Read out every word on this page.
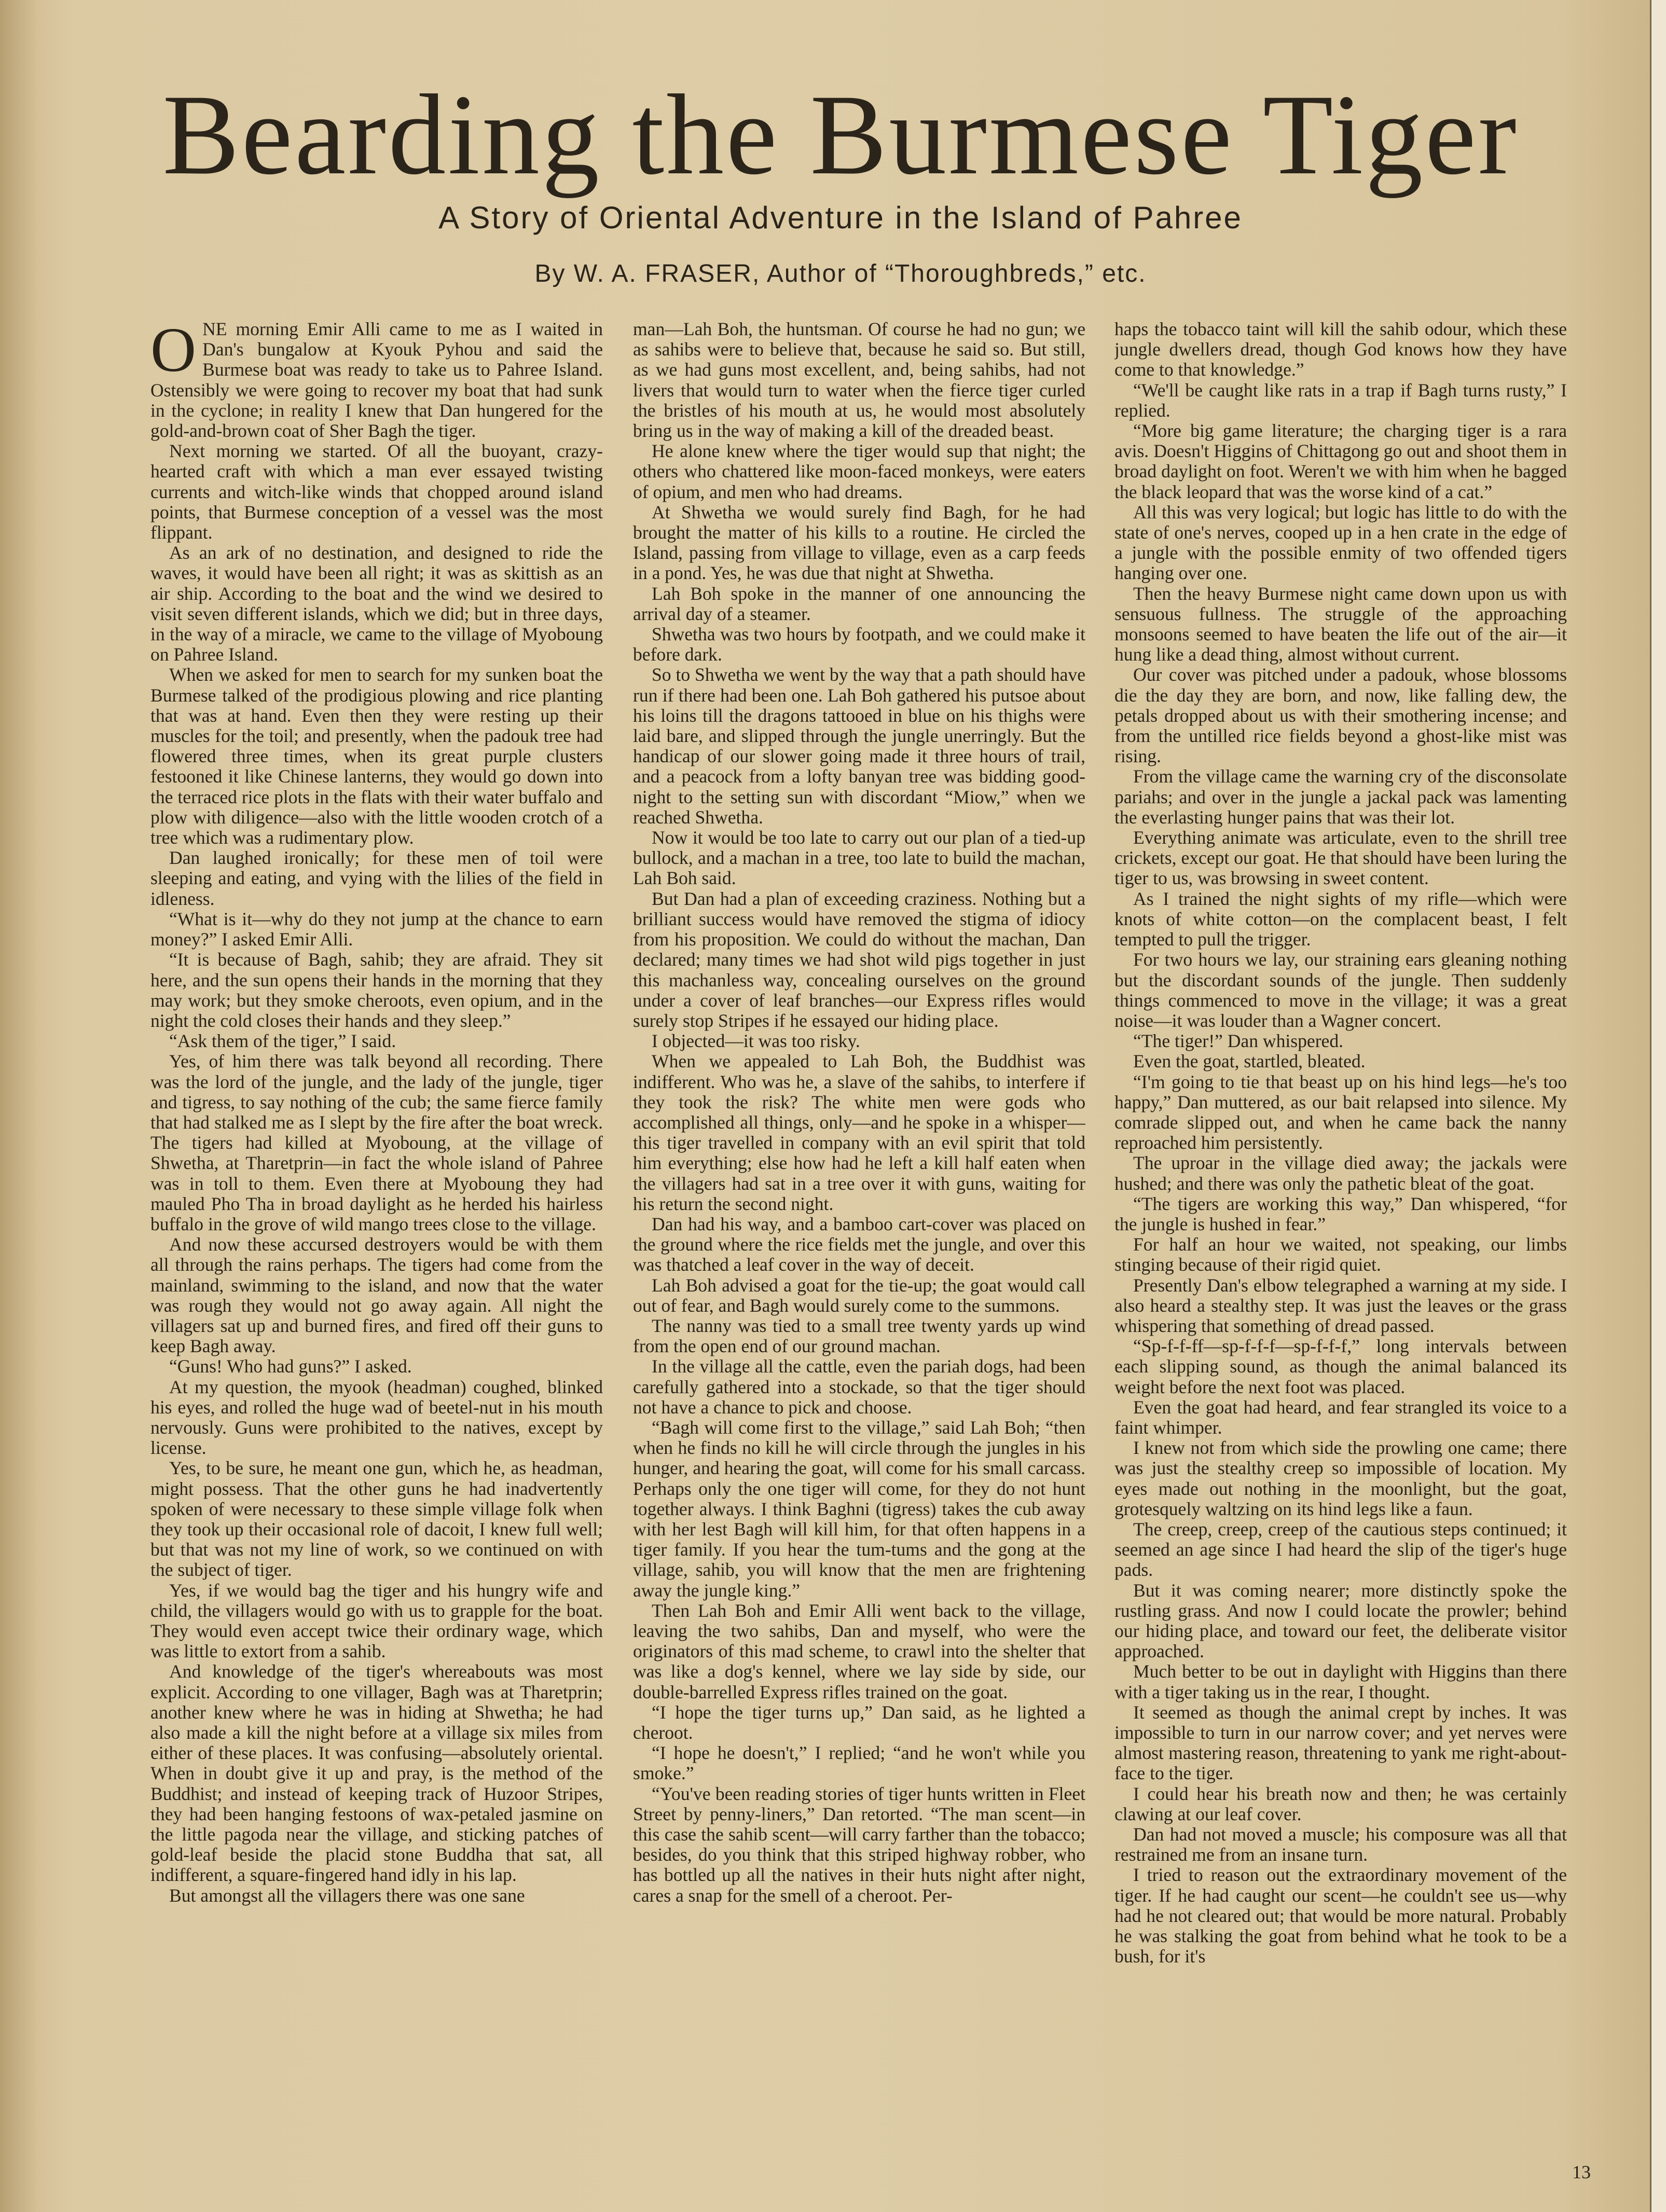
Bearding the Burmese Tiger
A Story of Oriental Adventure in the Island of Pahree
By W. A. FRASER, Author of “Thoroughbreds,” etc.

ONE morning Emir Alli came to me as I waited in Dan's bungalow at Kyouk Pyhou and said the Burmese boat was ready to take us to Pahree Island. Ostensibly we were going to recover my boat that had sunk in the cyclone; in reality I knew that Dan hungered for the gold-and-brown coat of Sher Bagh the tiger.

Next morning we started. Of all the buoyant, crazy-hearted craft with which a man ever essayed twisting currents and witch-like winds that chopped around island points, that Burmese conception of a vessel was the most flippant.

As an ark of no destination, and designed to ride the waves, it would have been all right; it was as skittish as an air ship. According to the boat and the wind we desired to visit seven different islands, which we did; but in three days, in the way of a miracle, we came to the village of Myoboung on Pahree Island.

When we asked for men to search for my sunken boat the Burmese talked of the prodigious plowing and rice planting that was at hand. Even then they were resting up their muscles for the toil; and presently, when the padouk tree had flowered three times, when its great purple clusters festooned it like Chinese lanterns, they would go down into the terraced rice plots in the flats with their water buffalo and plow with diligence—also with the little wooden crotch of a tree which was a rudimentary plow.

Dan laughed ironically; for these men of toil were sleeping and eating, and vying with the lilies of the field in idleness.

“What is it—why do they not jump at the chance to earn money?” I asked Emir Alli.

“It is because of Bagh, sahib; they are afraid. They sit here, and the sun opens their hands in the morning that they may work; but they smoke cheroots, even opium, and in the night the cold closes their hands and they sleep.”

“Ask them of the tiger,” I said.

Yes, of him there was talk beyond all recording. There was the lord of the jungle, and the lady of the jungle, tiger and tigress, to say nothing of the cub; the same fierce family that had stalked me as I slept by the fire after the boat wreck. The tigers had killed at Myoboung, at the village of Shwetha, at Tharetprin—in fact the whole island of Pahree was in toll to them. Even there at Myoboung they had mauled Pho Tha in broad daylight as he herded his hairless buffalo in the grove of wild mango trees close to the village.

And now these accursed destroyers would be with them all through the rains perhaps. The tigers had come from the mainland, swimming to the island, and now that the water was rough they would not go away again. All night the villagers sat up and burned fires, and fired off their guns to keep Bagh away.

“Guns! Who had guns?” I asked.

At my question, the myook (headman) coughed, blinked his eyes, and rolled the huge wad of beetel-nut in his mouth nervously. Guns were prohibited to the natives, except by license.

Yes, to be sure, he meant one gun, which he, as headman, might possess. That the other guns he had inadvertently spoken of were necessary to these simple village folk when they took up their occasional role of dacoit, I knew full well; but that was not my line of work, so we continued on with the subject of tiger.

Yes, if we would bag the tiger and his hungry wife and child, the villagers would go with us to grapple for the boat. They would even accept twice their ordinary wage, which was little to extort from a sahib.

And knowledge of the tiger's whereabouts was most explicit. According to one villager, Bagh was at Tharetprin; another knew where he was in hiding at Shwetha; he had also made a kill the night before at a village six miles from either of these places. It was confusing—absolutely oriental. When in doubt give it up and pray, is the method of the Buddhist; and instead of keeping track of Huzoor Stripes, they had been hanging festoons of wax-petaled jasmine on the little pagoda near the village, and sticking patches of gold-leaf beside the placid stone Buddha that sat, all indifferent, a square-fingered hand idly in his lap.

But amongst all the villagers there was one sane

man—Lah Boh, the huntsman. Of course he had no gun; we as sahibs were to believe that, because he said so. But still, as we had guns most excellent, and, being sahibs, had not livers that would turn to water when the fierce tiger curled the bristles of his mouth at us, he would most absolutely bring us in the way of making a kill of the dreaded beast.

He alone knew where the tiger would sup that night; the others who chattered like moon-faced monkeys, were eaters of opium, and men who had dreams.

At Shwetha we would surely find Bagh, for he had brought the matter of his kills to a routine. He circled the Island, passing from village to village, even as a carp feeds in a pond. Yes, he was due that night at Shwetha.

Lah Boh spoke in the manner of one announcing the arrival day of a steamer.

Shwetha was two hours by footpath, and we could make it before dark.

So to Shwetha we went by the way that a path should have run if there had been one. Lah Boh gathered his putsoe about his loins till the dragons tattooed in blue on his thighs were laid bare, and slipped through the jungle unerringly. But the handicap of our slower going made it three hours of trail, and a peacock from a lofty banyan tree was bidding good-night to the setting sun with discordant “Miow,” when we reached Shwetha.

Now it would be too late to carry out our plan of a tied-up bullock, and a machan in a tree, too late to build the machan, Lah Boh said.

But Dan had a plan of exceeding craziness. Nothing but a brilliant success would have removed the stigma of idiocy from his proposition. We could do without the machan, Dan declared; many times we had shot wild pigs together in just this machanless way, concealing ourselves on the ground under a cover of leaf branches—our Express rifles would surely stop Stripes if he essayed our hiding place.

I objected—it was too risky.

When we appealed to Lah Boh, the Buddhist was indifferent. Who was he, a slave of the sahibs, to interfere if they took the risk? The white men were gods who accomplished all things, only—and he spoke in a whisper—this tiger travelled in company with an evil spirit that told him everything; else how had he left a kill half eaten when the villagers had sat in a tree over it with guns, waiting for his return the second night.

Dan had his way, and a bamboo cart-cover was placed on the ground where the rice fields met the jungle, and over this was thatched a leaf cover in the way of deceit.

Lah Boh advised a goat for the tie-up; the goat would call out of fear, and Bagh would surely come to the summons.

The nanny was tied to a small tree twenty yards up wind from the open end of our ground machan.

In the village all the cattle, even the pariah dogs, had been carefully gathered into a stockade, so that the tiger should not have a chance to pick and choose.

“Bagh will come first to the village,” said Lah Boh; “then when he finds no kill he will circle through the jungles in his hunger, and hearing the goat, will come for his small carcass. Perhaps only the one tiger will come, for they do not hunt together always. I think Baghni (tigress) takes the cub away with her lest Bagh will kill him, for that often happens in a tiger family. If you hear the tum-tums and the gong at the village, sahib, you will know that the men are frightening away the jungle king.”

Then Lah Boh and Emir Alli went back to the village, leaving the two sahibs, Dan and myself, who were the originators of this mad scheme, to crawl into the shelter that was like a dog's kennel, where we lay side by side, our double-barrelled Express rifles trained on the goat.

“I hope the tiger turns up,” Dan said, as he lighted a cheroot.

“I hope he doesn't,” I replied; “and he won't while you smoke.”

“You've been reading stories of tiger hunts written in Fleet Street by penny-liners,” Dan retorted. “The man scent—in this case the sahib scent—will carry farther than the tobacco; besides, do you think that this striped highway robber, who has bottled up all the natives in their huts night after night, cares a snap for the smell of a cheroot. Per-

haps the tobacco taint will kill the sahib odour, which these jungle dwellers dread, though God knows how they have come to that knowledge.”

“We'll be caught like rats in a trap if Bagh turns rusty,” I replied.

“More big game literature; the charging tiger is a rara avis. Doesn't Higgins of Chittagong go out and shoot them in broad daylight on foot. Weren't we with him when he bagged the black leopard that was the worse kind of a cat.”

All this was very logical; but logic has little to do with the state of one's nerves, cooped up in a hen crate in the edge of a jungle with the possible enmity of two offended tigers hanging over one.

Then the heavy Burmese night came down upon us with sensuous fullness. The struggle of the approaching monsoons seemed to have beaten the life out of the air—it hung like a dead thing, almost without current.

Our cover was pitched under a padouk, whose blossoms die the day they are born, and now, like falling dew, the petals dropped about us with their smothering incense; and from the untilled rice fields beyond a ghost-like mist was rising.

From the village came the warning cry of the disconsolate pariahs; and over in the jungle a jackal pack was lamenting the everlasting hunger pains that was their lot.

Everything animate was articulate, even to the shrill tree crickets, except our goat. He that should have been luring the tiger to us, was browsing in sweet content.

As I trained the night sights of my rifle—which were knots of white cotton—on the complacent beast, I felt tempted to pull the trigger.

For two hours we lay, our straining ears gleaning nothing but the discordant sounds of the jungle. Then suddenly things commenced to move in the village; it was a great noise—it was louder than a Wagner concert.

“The tiger!” Dan whispered.

Even the goat, startled, bleated.

“I'm going to tie that beast up on his hind legs—he's too happy,” Dan muttered, as our bait relapsed into silence. My comrade slipped out, and when he came back the nanny reproached him persistently.

The uproar in the village died away; the jackals were hushed; and there was only the pathetic bleat of the goat.

“The tigers are working this way,” Dan whispered, “for the jungle is hushed in fear.”

For half an hour we waited, not speaking, our limbs stinging because of their rigid quiet.

Presently Dan's elbow telegraphed a warning at my side. I also heard a stealthy step. It was just the leaves or the grass whispering that something of dread passed.

“Sp-f-f-ff—sp-f-f-f—sp-f-f-f,” long intervals between each slipping sound, as though the animal balanced its weight before the next foot was placed.

Even the goat had heard, and fear strangled its voice to a faint whimper.

I knew not from which side the prowling one came; there was just the stealthy creep so impossible of location. My eyes made out nothing in the moonlight, but the goat, grotesquely waltzing on its hind legs like a faun.

The creep, creep, creep of the cautious steps continued; it seemed an age since I had heard the slip of the tiger's huge pads.

But it was coming nearer; more distinctly spoke the rustling grass. And now I could locate the prowler; behind our hiding place, and toward our feet, the deliberate visitor approached.

Much better to be out in daylight with Higgins than there with a tiger taking us in the rear, I thought.

It seemed as though the animal crept by inches. It was impossible to turn in our narrow cover; and yet nerves were almost mastering reason, threatening to yank me right-about-face to the tiger.

I could hear his breath now and then; he was certainly clawing at our leaf cover.

Dan had not moved a muscle; his composure was all that restrained me from an insane turn.

I tried to reason out the extraordinary movement of the tiger. If he had caught our scent—he couldn't see us—why had he not cleared out; that would be more natural. Probably he was stalking the goat from behind what he took to be a bush, for it's

13
